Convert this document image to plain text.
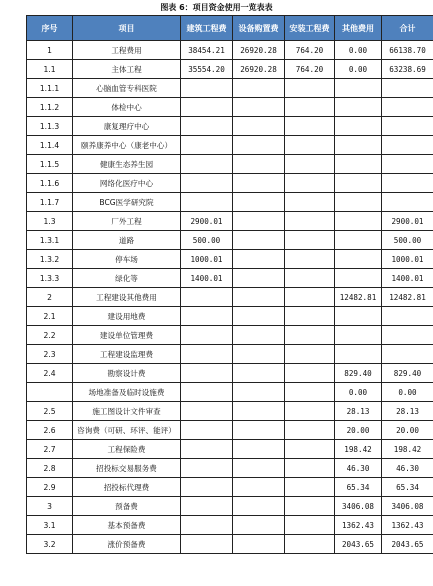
图表 6：项目资金使用一览表表
序号	项目	建筑工程费	设备购置费	安装工程费	其他费用	合计
1	工程费用	38454.21	26920.28	764.20	0.00	66138.70
1.1	主体工程	35554.20	26920.28	764.20	0.00	63238.69
1.1.1	心脑血管专科医院					
1.1.2	体检中心					
1.1.3	康复理疗中心					
1.1.4	颐养康养中心（康老中心）					
1.1.5	健康生态养生园					
1.1.6	网络化医疗中心					
1.1.7	BCG医学研究院					
1.3	厂外工程	2900.01				2900.01
1.3.1	道路	500.00				500.00
1.3.2	停车场	1000.01				1000.01
1.3.3	绿化等	1400.01				1400.01
2	工程建设其他费用				12482.81	12482.81
2.1	建设用地费					
2.2	建设单位管理费					
2.3	工程建设监理费					
2.4	勘察设计费				829.40	829.40
	场地准备及临时设施费				0.00	0.00
2.5	施工图设计文件审查				28.13	28.13
2.6	咨询费（可研、环评、能评）				20.00	20.00
2.7	工程保险费				198.42	198.42
2.8	招投标交易服务费				46.30	46.30
2.9	招投标代理费				65.34	65.34
3	预备费				3406.08	3406.08
3.1	基本预备费				1362.43	1362.43
3.2	涨价预备费				2043.65	2043.65
